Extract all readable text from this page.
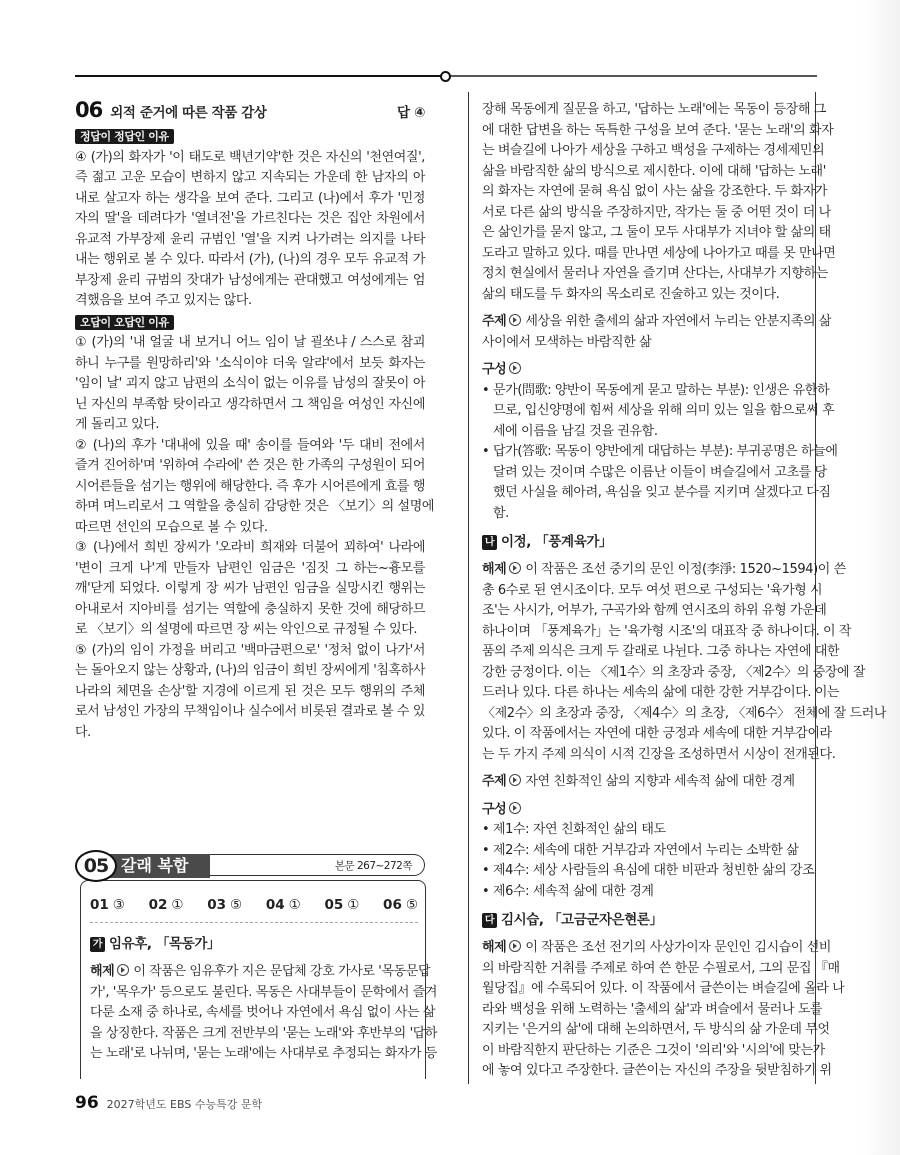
06 외적 준거에 따른 작품 감상	답 ④
정답이 정답인 이유
④ (가)의 화자가 '이 태도로 백년기약'한 것은 자신의 '천연여질',
즉 젊고 고운 모습이 변하지 않고 지속되는 가운데 한 남자의 아
내로 살고자 하는 생각을 보여 준다. 그리고 (나)에서 후가 '민정
자의 딸'을 데려다가 '열녀전'을 가르친다는 것은 집안 차원에서
유교적 가부장제 윤리 규범인 '열'을 지켜 나가려는 의지를 나타
내는 행위로 볼 수 있다. 따라서 (가), (나)의 경우 모두 유교적 가
부장제 윤리 규범의 잣대가 남성에게는 관대했고 여성에게는 엄
격했음을 보여 주고 있지는 않다.
오답이 오답인 이유
① (가)의 '내 얼굴 내 보거니 어느 임이 날 괼쏘냐 / 스스로 참괴
하니 누구를 원망하리'와 '소식이야 더욱 알랴'에서 보듯 화자는
'임이 날' 괴지 않고 남편의 소식이 없는 이유를 남성의 잘못이 아
닌 자신의 부족함 탓이라고 생각하면서 그 책임을 여성인 자신에
게 돌리고 있다.
② (나)의 후가 '대내에 있을 때' 송이를 들여와 '두 대비 전에서
즐겨 진어하'며 '위하여 수라에' 쓴 것은 한 가족의 구성원이 되어
시어른들을 섬기는 행위에 해당한다. 즉 후가 시어른에게 효를 행
하며 며느리로서 그 역할을 충실히 감당한 것은 〈보기〉의 설명에
따르면 선인의 모습으로 볼 수 있다.
③ (나)에서 희빈 장씨가 '오라비 희재와 더불어 꾀하여' 나라에
'변이 크게 나'게 만들자 남편인 임금은 '짐짓 그 하는~흉모를
깨'닫게 되었다. 이렇게 장 씨가 남편인 임금을 실망시킨 행위는
아내로서 지아비를 섬기는 역할에 충실하지 못한 것에 해당하므
로 〈보기〉의 설명에 따르면 장 씨는 악인으로 규정될 수 있다.
⑤ (가)의 임이 가정을 버리고 '백마금편으로' '정처 없이 나가'서
는 돌아오지 않는 상황과, (나)의 임금이 희빈 장씨에게 '침혹하사
나라의 체면을 손상'할 지경에 이르게 된 것은 모두 행위의 주체
로서 남성인 가장의 무책임이나 실수에서 비롯된 결과로 볼 수 있
다.
05 갈래 복합	본문 267~272쪽
01 ③ 02 ① 03 ⑤ 04 ① 05 ① 06 ⑤
가 임유후, 「목동가」
해제 이 작품은 임유후가 지은 문답체 강호 가사로 '목동문답
가', '목우가' 등으로도 불린다. 목동은 사대부들이 문학에서 즐겨
다룬 소재 중 하나로, 속세를 벗어나 자연에서 욕심 없이 사는 삶
을 상징한다. 작품은 크게 전반부의 '묻는 노래'와 후반부의 '답하
는 노래'로 나뉘며, '묻는 노래'에는 사대부로 추정되는 화자가 등
96 2027학년도 EBS 수능특강 문학
장해 목동에게 질문을 하고, '답하는 노래'에는 목동이 등장해 그
에 대한 답변을 하는 독특한 구성을 보여 준다. '묻는 노래'의 화자
는 벼슬길에 나아가 세상을 구하고 백성을 구제하는 경세제민의
삶을 바람직한 삶의 방식으로 제시한다. 이에 대해 '답하는 노래'
의 화자는 자연에 묻혀 욕심 없이 사는 삶을 강조한다. 두 화자가
서로 다른 삶의 방식을 주장하지만, 작가는 둘 중 어떤 것이 더 나
은 삶인가를 묻지 않고, 그 둘이 모두 사대부가 지녀야 할 삶의 태
도라고 말하고 있다. 때를 만나면 세상에 나아가고 때를 못 만나면
정치 현실에서 물러나 자연을 즐기며 산다는, 사대부가 지향하는
삶의 태도를 두 화자의 목소리로 진술하고 있는 것이다.
주제 세상을 위한 출세의 삶과 자연에서 누리는 안분지족의 삶
사이에서 모색하는 바람직한 삶
구성
• 문가(問歌: 양반이 목동에게 묻고 말하는 부분): 인생은 유한하
므로, 입신양명에 힘써 세상을 위해 의미 있는 일을 함으로써 후
세에 이름을 남길 것을 권유함.
• 답가(答歌: 목동이 양반에게 대답하는 부분): 부귀공명은 하늘에
달려 있는 것이며 수많은 이름난 이들이 벼슬길에서 고초를 당
했던 사실을 헤아려, 욕심을 잊고 분수를 지키며 살겠다고 다짐
함.
나 이정, 「풍계육가」
해제 이 작품은 조선 중기의 문인 이정(李淨: 1520~1594)이 쓴
총 6수로 된 연시조이다. 모두 여섯 편으로 구성되는 '육가형 시
조'는 사시가, 어부가, 구곡가와 함께 연시조의 하위 유형 가운데
하나이며 「풍계육가」는 '육가형 시조'의 대표작 중 하나이다. 이 작
품의 주제 의식은 크게 두 갈래로 나뉜다. 그중 하나는 자연에 대한
강한 긍정이다. 이는 〈제1수〉의 초장과 중장, 〈제2수〉의 중장에 잘
드러나 있다. 다른 하나는 세속의 삶에 대한 강한 거부감이다. 이는
〈제2수〉의 초장과 중장, 〈제4수〉의 초장, 〈제6수〉 전체에 잘 드러나
있다. 이 작품에서는 자연에 대한 긍정과 세속에 대한 거부감이라
는 두 가지 주제 의식이 시적 긴장을 조성하면서 시상이 전개된다.
주제 자연 친화적인 삶의 지향과 세속적 삶에 대한 경계
구성
• 제1수: 자연 친화적인 삶의 태도
• 제2수: 세속에 대한 거부감과 자연에서 누리는 소박한 삶
• 제4수: 세상 사람들의 욕심에 대한 비판과 청빈한 삶의 강조
• 제6수: 세속적 삶에 대한 경계
다 김시습, 「고금군자은현론」
해제 이 작품은 조선 전기의 사상가이자 문인인 김시습이 선비
의 바람직한 거취를 주제로 하여 쓴 한문 수필로서, 그의 문집 『매
월당집』에 수록되어 있다. 이 작품에서 글쓴이는 벼슬길에 올라 나
라와 백성을 위해 노력하는 '출세의 삶'과 벼슬에서 물러나 도를
지키는 '은거의 삶'에 대해 논의하면서, 두 방식의 삶 가운데 무엇
이 바람직한지 판단하는 기준은 그것이 '의리'와 '시의'에 맞는가
에 놓여 있다고 주장한다. 글쓴이는 자신의 주장을 뒷받침하기 위
